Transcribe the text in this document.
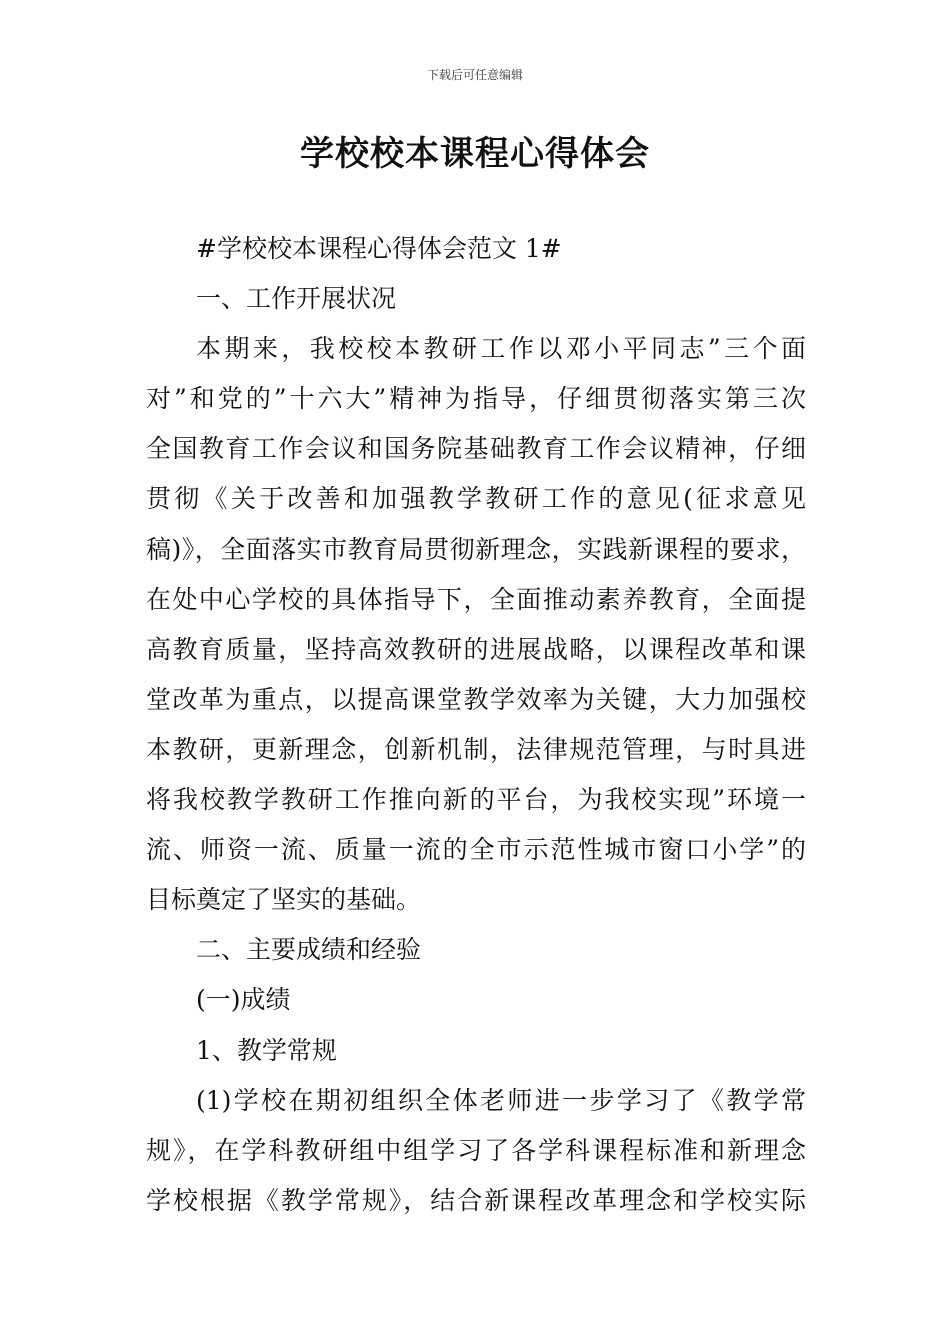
下载后可任意编辑
学校校本课程心得体会
#学校校本课程心得体会范文 1#
一、工作开展状况
本期来，我校校本教研工作以邓小平同志”三个面
对”和党的”十六大”精神为指导，仔细贯彻落实第三次
全国教育工作会议和国务院基础教育工作会议精神，仔细
贯彻《关于改善和加强教学教研工作的意见(征求意见
稿)》，全面落实市教育局贯彻新理念，实践新课程的要求，
在处中心学校的具体指导下，全面推动素养教育，全面提
高教育质量，坚持高效教研的进展战略，以课程改革和课
堂改革为重点，以提高课堂教学效率为关键，大力加强校
本教研，更新理念，创新机制，法律规范管理，与时具进
将我校教学教研工作推向新的平台，为我校实现”环境一
流、师资一流、质量一流的全市示范性城市窗口小学”的
目标奠定了坚实的基础。
二、主要成绩和经验
(一)成绩
1、教学常规
(1)学校在期初组织全体老师进一步学习了《教学常
规》，在学科教研组中组学习了各学科课程标准和新理念
学校根据《教学常规》，结合新课程改革理念和学校实际
